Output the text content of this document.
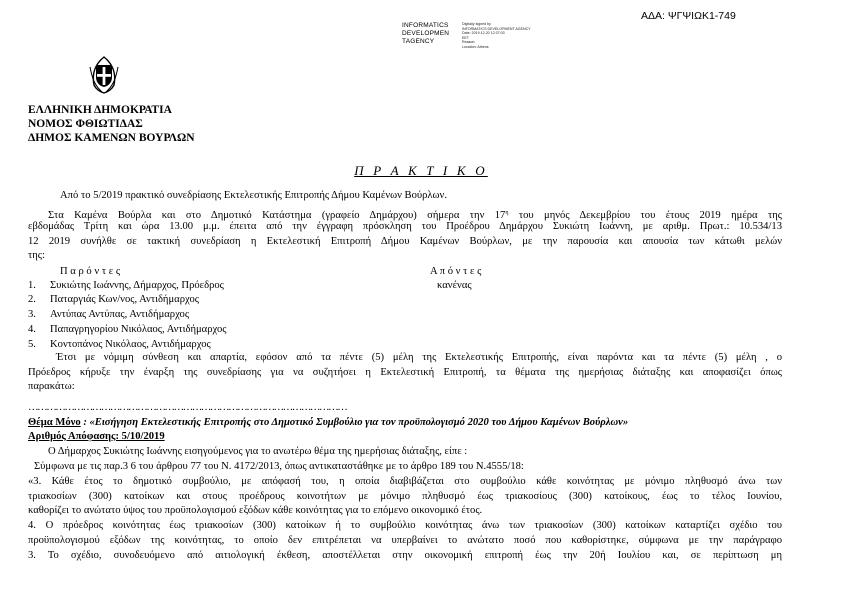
ΑΔΑ: ΨΓΨΙΩΚ1-749
INFORMATICS
DEVELOPMEN
TAGENCY
Digitally signed by
INFORMATICS DEVELOPMENT AGENCY
Date: 2019.12.20 12:37:03
EET
Reason:
Location: Athens
ΕΛΛΗΝΙΚΗ ΔΗΜΟΚΡΑΤΙΑ
ΝΟΜΟΣ ΦΘΙΩΤΙΔΑΣ
ΔΗΜΟΣ ΚΑΜΕΝΩΝ ΒΟΥΡΛΩΝ
Π Ρ Α Κ Τ Ι Κ Ο
Από το 5/2019 πρακτικό συνεδρίασης Εκτελεστικής Επιτροπής Δήμου Καμένων Βούρλων.
Στα Καμένα Βούρλα και στο Δημοτικό Κατάστημα (γραφείο Δημάρχου) σήμερα την $17^\eta$ του μηνός Δεκεμβρίου του έτους 2019 ημέρα της
εβδομάδας Τρίτη και ώρα 13.00 μ.μ. έπειτα από την έγγραφη πρόσκληση του Προέδρου Δημάρχου Συκιώτη Ιωάννη, με αριθμ. Πρωτ.: 10.534/13
12 2019 συνήλθε σε τακτική συνεδρίαση η Εκτελεστική Επιτροπή Δήμου Καμένων Βούρλων, με την παρουσία και απουσία των κάτωθι μελών
της:
Π α ρ ό ν τ ε ς	Α π ό ν τ ε ς
1. Συκιώτης Ιωάννης, Δήμαρχος, Πρόεδρος	κανένας
2. Παταργιάς Κων/νος, Αντιδήμαρχος
3. Αντύπας Αντύπας, Αντιδήμαρχος
4. Παπαγρηγορίου Νικόλαος, Αντιδήμαρχος
5. Κοντοπάνος Νικόλαος, Αντιδήμαρχος
Έτσι με νόμιμη σύνθεση και απαρτία, εφόσον από τα πέντε (5) μέλη της Εκτελεστικής Επιτροπής, είναι παρόντα και τα πέντε (5) μέλη , ο
Πρόεδρος κήρυξε την έναρξη της συνεδρίασης για να συζητήσει η Εκτελεστική Επιτροπή, τα θέματα της ημερήσιας διάταξης και αποφασίζει όπως
παρακάτω:
……………………………………………………………………………………………
Θέμα Μόνο : «Εισήγηση Εκτελεστικής Επιτροπής στο Δημοτικό Συμβούλιο για τον προϋπολογισμό 2020 του Δήμου Καμένων Βούρλων»
Αριθμός Απόφασης: 5/10/2019
Ο Δήμαρχος Συκιώτης Ιωάννης εισηγούμενος για το ανωτέρω θέμα της ημερήσιας διάταξης, είπε :
Σύμφωνα με τις παρ.3 6 του άρθρου 77 του Ν. 4172/2013, όπως αντικαταστάθηκε με το άρθρο 189 του Ν.4555/18:
«3. Κάθε έτος το δημοτικό συμβούλιο, με απόφασή του, η οποία διαβιβάζεται στο συμβούλιο κάθε κοινότητας με μόνιμο πληθυσμό άνω των
τριακοσίων (300) κατοίκων και στους προέδρους κοινοτήτων με μόνιμο πληθυσμό έως τριακοσίους (300) κατοίκους, έως το τέλος Ιουνίου,
καθορίζει το ανώτατο ύψος του προϋπολογισμού εξόδων κάθε κοινότητας για το επόμενο οικονομικό έτος.
4. Ο πρόεδρος κοινότητας έως τριακοσίων (300) κατοίκων ή το συμβούλιο κοινότητας άνω των τριακοσίων (300) κατοίκων καταρτίζει σχέδιο του
προϋπολογισμού εξόδων της κοινότητας, το οποίο δεν επιτρέπεται να υπερβαίνει το ανώτατο ποσό που καθορίστηκε, σύμφωνα με την παράγραφο
3. Το σχέδιο, συνοδευόμενο από αιτιολογική έκθεση, αποστέλλεται στην οικονομική επιτροπή έως την 20ή Ιουλίου και, σε περίπτωση μη
